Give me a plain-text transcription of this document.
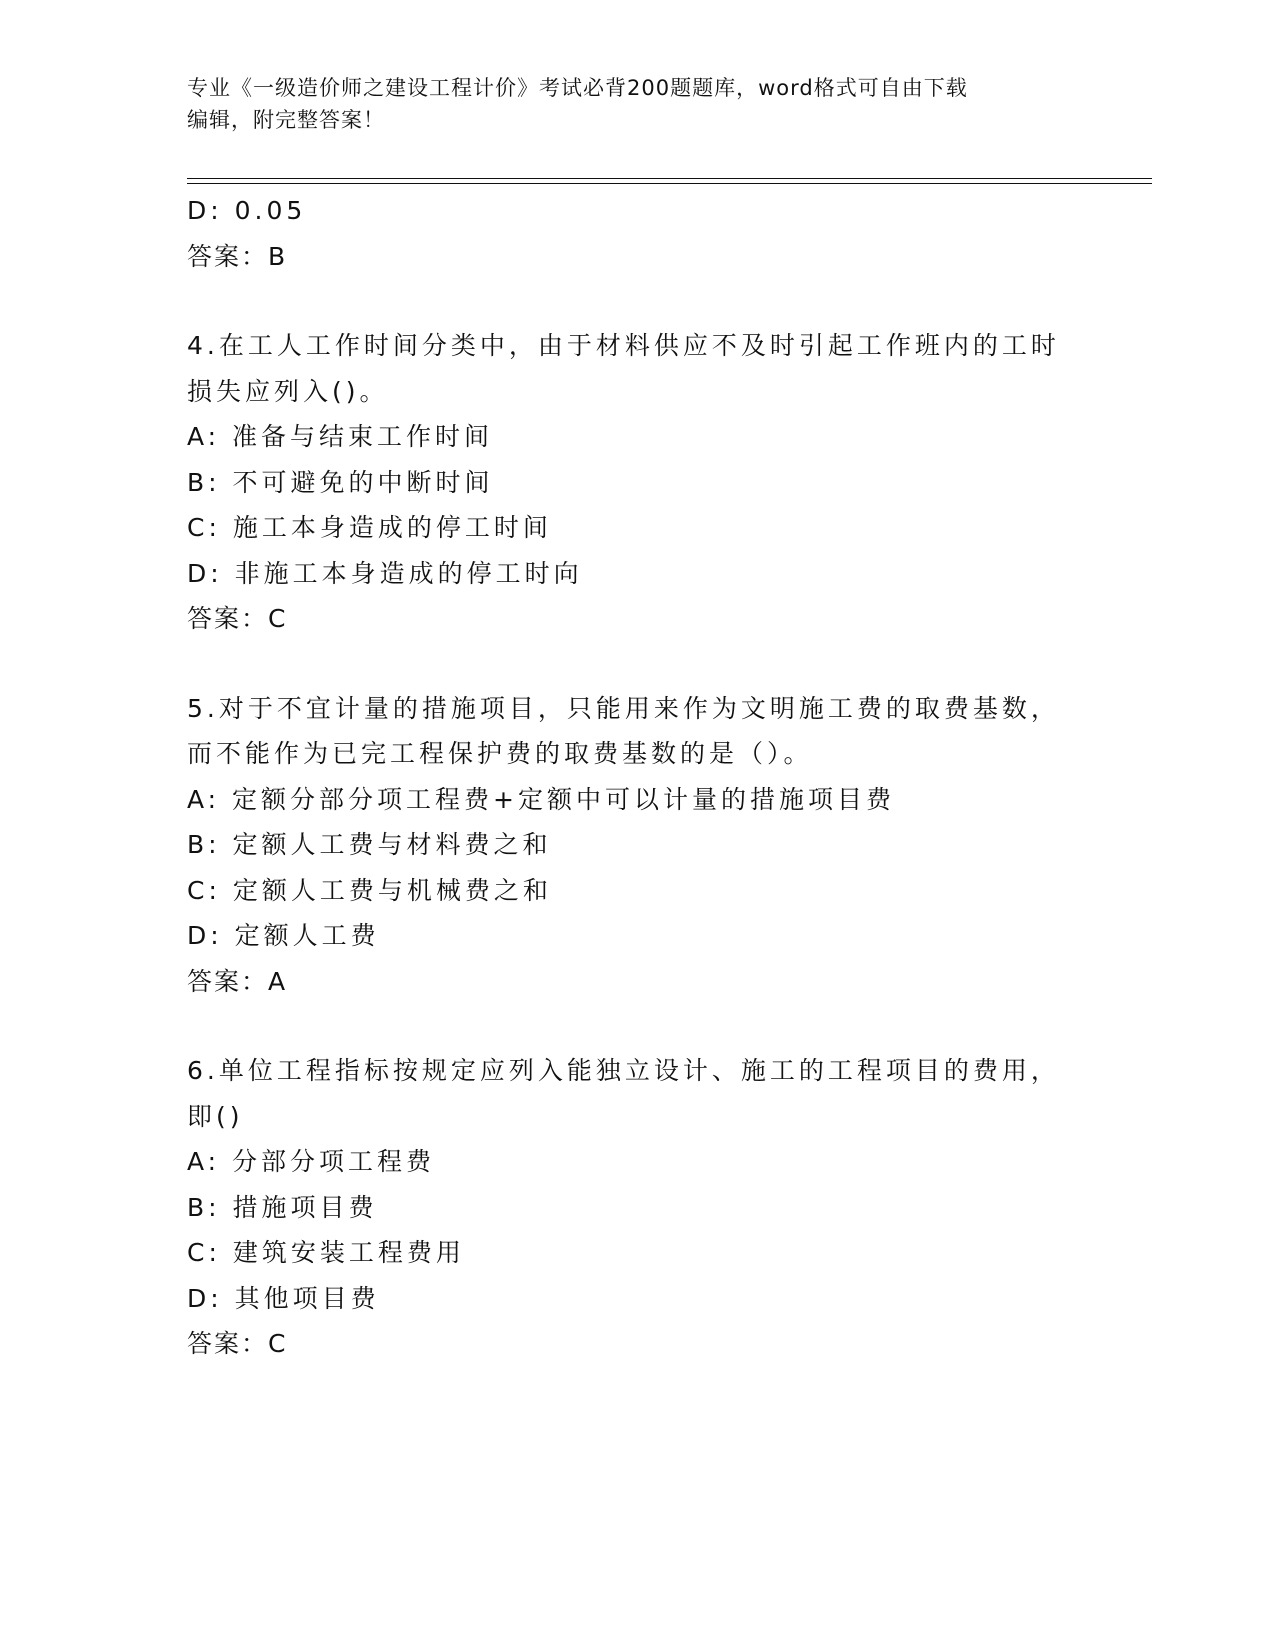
专业《一级造价师之建设工程计价》考试必背200题题库，word格式可自由下载
编辑，附完整答案！
D: 0.05
答案：B
4.在工人工作时间分类中，由于材料供应不及时引起工作班内的工时
损失应列入()。
A: 准备与结束工作时间
B: 不可避免的中断时间
C: 施工本身造成的停工时间
D: 非施工本身造成的停工时向
答案：C
5.对于不宜计量的措施项目，只能用来作为文明施工费的取费基数，
而不能作为已完工程保护费的取费基数的是（）。
A: 定额分部分项工程费+定额中可以计量的措施项目费
B: 定额人工费与材料费之和
C: 定额人工费与机械费之和
D: 定额人工费
答案：A
6.单位工程指标按规定应列入能独立设计、施工的工程项目的费用，
即()
A: 分部分项工程费
B: 措施项目费
C: 建筑安装工程费用
D: 其他项目费
答案：C
